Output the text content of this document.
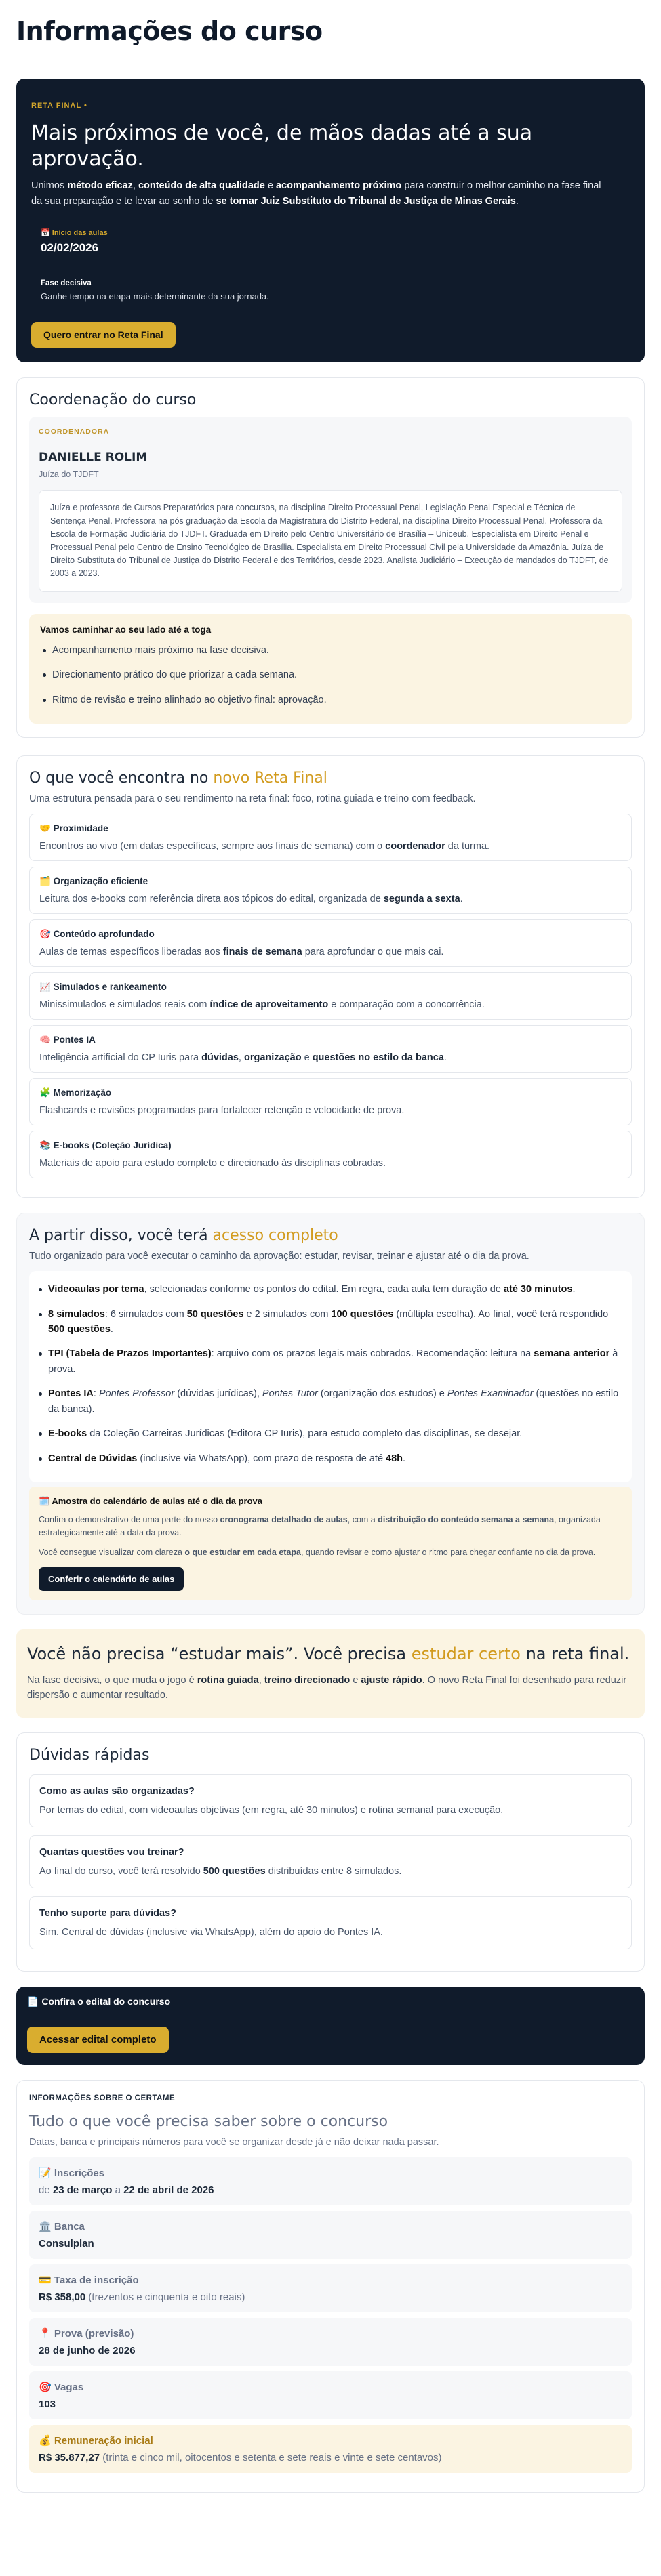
Informações do curso
RETA FINAL •
Mais próximos de você, de mãos dadas até a sua aprovação.

Unimos método eficaz, conteúdo de alta qualidade e acompanhamento próximo para construir o melhor caminho na fase final da sua preparação e te levar ao sonho de se tornar Juiz Substituto do Tribunal de Justiça de Minas Gerais.

📅 Início das aulas
02/02/2026
Fase decisiva
Ganhe tempo na etapa mais determinante da sua jornada.
Quero entrar no Reta Final
Coordenação do curso
COORDENADORA
DANIELLE ROLIM
Juíza do TJDFT
Juíza e professora de Cursos Preparatórios para concursos, na disciplina Direito Processual Penal, Legislação Penal Especial e Técnica de Sentença Penal. Professora na pós graduação da Escola da Magistratura do Distrito Federal, na disciplina Direito Processual Penal. Professora da Escola de Formação Judiciária do TJDFT. Graduada em Direito pelo Centro Universitário de Brasília – Uniceub. Especialista em Direito Penal e Processual Penal pelo Centro de Ensino Tecnológico de Brasília. Especialista em Direito Processual Civil pela Universidade da Amazônia. Juíza de Direito Substituta do Tribunal de Justiça do Distrito Federal e dos Territórios, desde 2023. Analista Judiciário – Execução de mandados do TJDFT, de 2003 a 2023.
Vamos caminhar ao seu lado até a toga
Acompanhamento mais próximo na fase decisiva.
Direcionamento prático do que priorizar a cada semana.
Ritmo de revisão e treino alinhado ao objetivo final: aprovação.
O que você encontra no novo Reta Final
Uma estrutura pensada para o seu rendimento na reta final: foco, rotina guiada e treino com feedback.
🤝 Proximidade
Encontros ao vivo (em datas específicas, sempre aos finais de semana) com o coordenador da turma.
🗂️ Organização eficiente
Leitura dos e-books com referência direta aos tópicos do edital, organizada de segunda a sexta.
🎯 Conteúdo aprofundado
Aulas de temas específicos liberadas aos finais de semana para aprofundar o que mais cai.
📈 Simulados e rankeamento
Minissimulados e simulados reais com índice de aproveitamento e comparação com a concorrência.
🧠 Pontes IA
Inteligência artificial do CP Iuris para dúvidas, organização e questões no estilo da banca.
🧩 Memorização
Flashcards e revisões programadas para fortalecer retenção e velocidade de prova.
📚 E-books (Coleção Jurídica)
Materiais de apoio para estudo completo e direcionado às disciplinas cobradas.
A partir disso, você terá acesso completo
Tudo organizado para você executar o caminho da aprovação: estudar, revisar, treinar e ajustar até o dia da prova.
Videoaulas por tema, selecionadas conforme os pontos do edital. Em regra, cada aula tem duração de até 30 minutos.
8 simulados: 6 simulados com 50 questões e 2 simulados com 100 questões (múltipla escolha). Ao final, você terá respondido 500 questões.
TPI (Tabela de Prazos Importantes): arquivo com os prazos legais mais cobrados. Recomendação: leitura na semana anterior à prova.
Pontes IA: Pontes Professor (dúvidas jurídicas), Pontes Tutor (organização dos estudos) e Pontes Examinador (questões no estilo da banca).
E-books da Coleção Carreiras Jurídicas (Editora CP Iuris), para estudo completo das disciplinas, se desejar.
Central de Dúvidas (inclusive via WhatsApp), com prazo de resposta de até 48h.
🗓️ Amostra do calendário de aulas até o dia da prova

Confira o demonstrativo de uma parte do nosso cronograma detalhado de aulas, com a distribuição do conteúdo semana a semana, organizada estrategicamente até a data da prova.

Você consegue visualizar com clareza o que estudar em cada etapa, quando revisar e como ajustar o ritmo para chegar confiante no dia da prova.

Conferir o calendário de aulas
Você não precisa “estudar mais”. Você precisa estudar certo na reta final.

Na fase decisiva, o que muda o jogo é rotina guiada, treino direcionado e ajuste rápido. O novo Reta Final foi desenhado para reduzir dispersão e aumentar resultado.

Dúvidas rápidas
Como as aulas são organizadas?
Por temas do edital, com videoaulas objetivas (em regra, até 30 minutos) e rotina semanal para execução.
Quantas questões vou treinar?
Ao final do curso, você terá resolvido 500 questões distribuídas entre 8 simulados.
Tenho suporte para dúvidas?
Sim. Central de dúvidas (inclusive via WhatsApp), além do apoio do Pontes IA.
📄 Confira o edital do concurso
Acessar edital completo
INFORMAÇÕES SOBRE O CERTAME
Tudo o que você precisa saber sobre o concurso
Datas, banca e principais números para você se organizar desde já e não deixar nada passar.
📝 Inscrições
de 23 de março a 22 de abril de 2026
🏛️ Banca
Consulplan
💳 Taxa de inscrição
R$ 358,00 (trezentos e cinquenta e oito reais)
📍 Prova (previsão)
28 de junho de 2026
🎯 Vagas
103
💰 Remuneração inicial
R$ 35.877,27 (trinta e cinco mil, oitocentos e setenta e sete reais e vinte e sete centavos)
